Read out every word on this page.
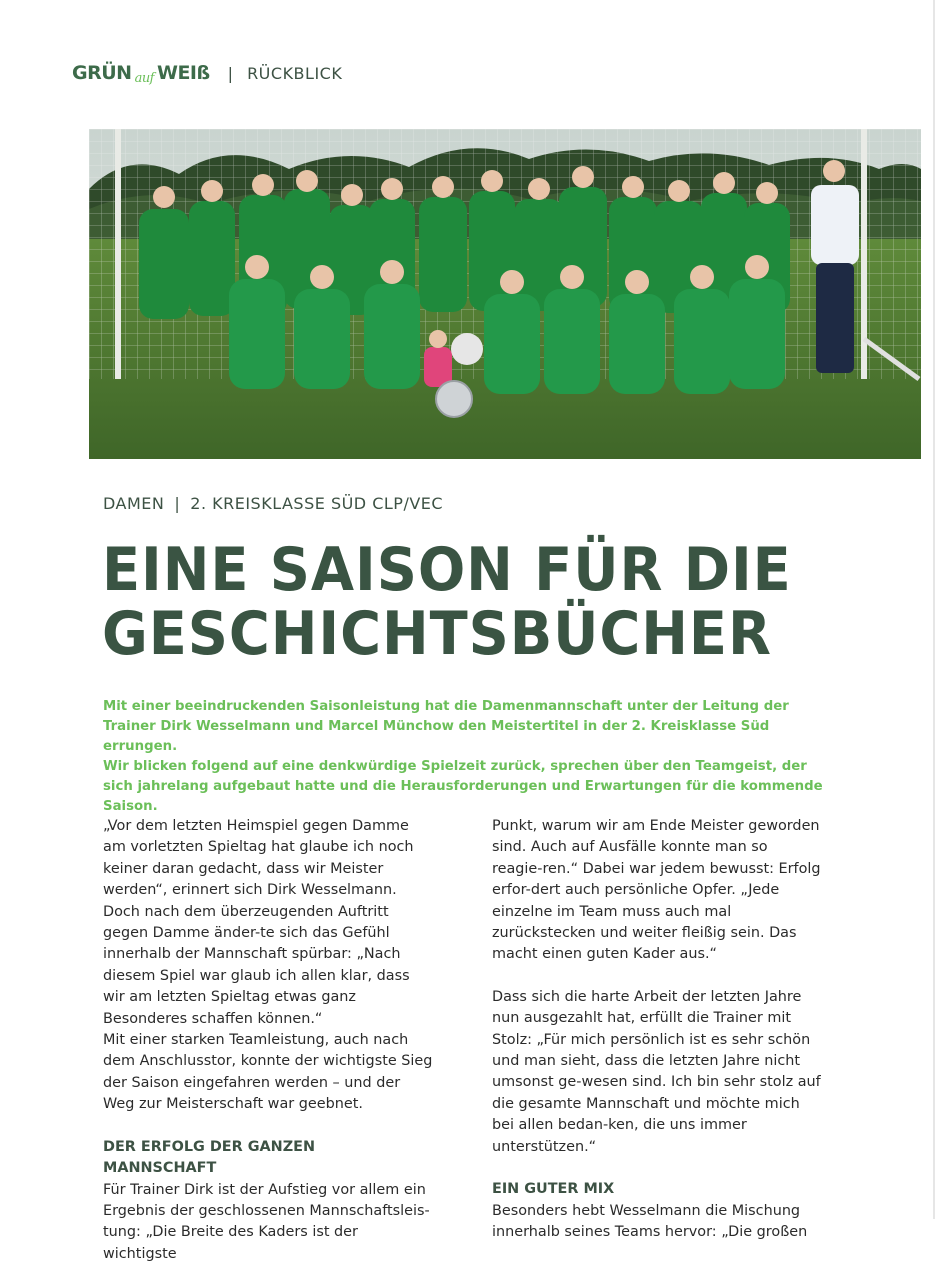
GRÜN auf WEIß | RÜCKBLICK
DAMEN | 2. KREISKLASSE SÜD CLP/VEC
EINE SAISON FÜR DIE GESCHICHTSBÜCHER

Mit einer beeindruckenden Saisonleistung hat die Damenmannschaft unter der Leitung der Trainer Dirk Wesselmann und Marcel Münchow den Meistertitel in der 2. Kreisklasse Süd errungen.
Wir blicken folgend auf eine denkwürdige Spielzeit zurück, sprechen über den Teamgeist, der sich jahrelang aufgebaut hatte und die Herausforderungen und Erwartungen für die kommende Saison.

„Vor dem letzten Heimspiel gegen Damme am vorletzten Spieltag hat glaube ich noch keiner daran gedacht, dass wir Meister werden“, erinnert sich Dirk Wesselmann. Doch nach dem überzeugenden Auftritt gegen Damme änder-te sich das Gefühl innerhalb der Mannschaft spürbar: „Nach diesem Spiel war glaub ich allen klar, dass wir am letzten Spieltag etwas ganz Besonderes schaffen können.“

Mit einer starken Teamleistung, auch nach dem Anschlusstor, konnte der wichtigste Sieg der Saison eingefahren werden – und der Weg zur Meisterschaft war geebnet.

DER ERFOLG DER GANZEN MANNSCHAFT

Für Trainer Dirk ist der Aufstieg vor allem ein Ergebnis der geschlossenen Mannschaftsleis-tung: „Die Breite des Kaders ist der wichtigste

Punkt, warum wir am Ende Meister geworden sind. Auch auf Ausfälle konnte man so reagie-ren.“ Dabei war jedem bewusst: Erfolg erfor-dert auch persönliche Opfer. „Jede einzelne im Team muss auch mal zurückstecken und weiter fleißig sein. Das macht einen guten Kader aus.“

Dass sich die harte Arbeit der letzten Jahre nun ausgezahlt hat, erfüllt die Trainer mit Stolz: „Für mich persönlich ist es sehr schön und man sieht, dass die letzten Jahre nicht umsonst ge-wesen sind. Ich bin sehr stolz auf die gesamte Mannschaft und möchte mich bei allen bedan-ken, die uns immer unterstützen.“

EIN GUTER MIX

Besonders hebt Wesselmann die Mischung innerhalb seines Teams hervor: „Die großen
